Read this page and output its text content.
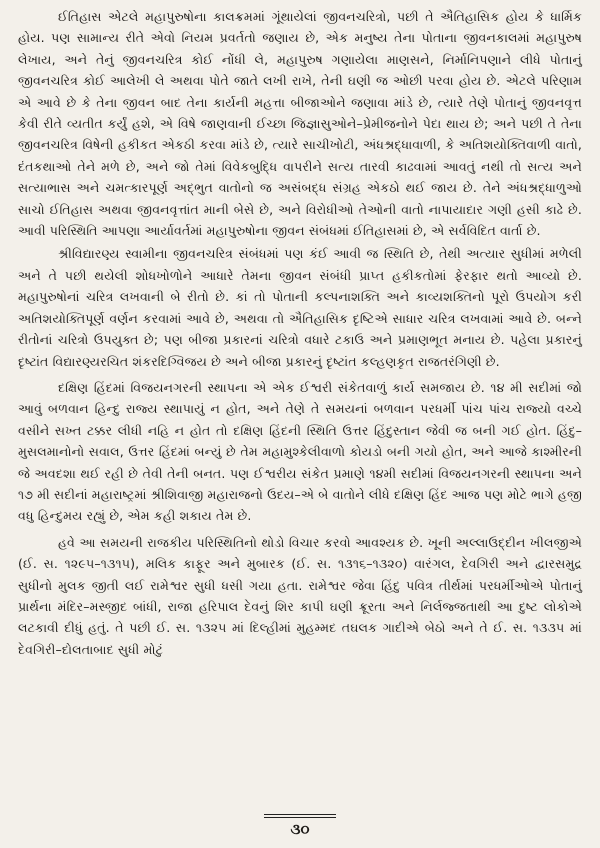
ઈતિહાસ એટલે મહાપુરુષોના કાલક્રમમાં ગૂંથાયેલાં જીવનચરિત્રો, પછી તે ઐતિહાસિક હોય કે ધાર્મિક હોય. પણ સામાન્ય રીતે એવો નિયમ પ્રવર્તતો જણાય છે, એક મનુષ્ય તેના પોતાના જીવનકાલમાં મહાપુરુષ લેખાય, અને તેનું જીવનચરિત્ર કોઈ નોંધી લે, મહાપુરુષ ગણાયેલા માણસને, નિર્માનિપણાને લીધે પોતાનું જીવનચરિત્ર કોઈ આલેખી લે અથવા પોતે જાતે લખી રાખે, તેની ઘણી જ ઓછી પરવા હોય છે. એટલે પરિણામ એ આવે છે કે તેના જીવન બાદ તેના કાર્યની મહત્તા બીજાઓને જણાવા માંડે છે, ત્યારે તેણે પોતાનું જીવનવૃત્ત કેવી રીતે વ્યતીત કર્યું હશે, એ વિષે જાણવાની ઈચ્છા જિજ્ઞાસુઓને–પ્રેમીજનોને પેદા થાય છે; અને પછી તે તેના જીવનચરિત્ર વિષેની હકીકત એકઠી કરવા માંડે છે, ત્યારે સાચીખોટી, અંધશ્રદ્ધાવાળી, કે અતિશયોક્તિવાળી વાતો, દંતકથાઓ તેને મળે છે, અને જો તેમાં વિવેકબુદ્ધિ વાપરીને સત્ય તારવી કાઢવામાં આવતું નથી તો સત્ય અને સત્યાભાસ અને ચમત્કારપૂર્ણ અદ્ભુત વાતોનો જ અસંબદ્ધ સંગ્રહ એકઠો થઈ જાય છે. તેને અંધશ્રદ્ધાળુઓ સાચો ઈતિહાસ અથવા જીવનવૃત્તાંત માની બેસે છે, અને વિરોધીઓ તેઓની વાતો નાપાયાદાર ગણી હસી કાઢે છે. આવી પરિસ્થિતિ આપણા આર્યાવર્તમાં મહાપુરુષોના જીવન સંબંધમાં ઈતિહાસમાં છે, એ સર્વવિદિત વાર્તા છે.

શ્રીવિદ્યારણ્ય સ્વામીના જીવનચરિત્ર સંબંધમાં પણ કંઈ આવી જ સ્થિતિ છે, તેથી અત્યાર સુધીમાં મળેલી અને તે પછી થયેલી શોધખોળોને આધારે તેમના જીવન સંબંધી પ્રાપ્ત હકીકતોમાં ફેરફાર થતો આવ્યો છે. મહાપુરુષોનાં ચરિત્ર લખવાની બે રીતો છે. કાં તો પોતાની કલ્પનાશક્તિ અને કાવ્યશક્તિનો પૂરો ઉપયોગ કરી અતિશયોક્તિપૂર્ણ વર્ણન કરવામાં આવે છે, અથવા તો ઐતિહાસિક દૃષ્ટિએ સાધાર ચરિત્ર લખવામાં આવે છે. બન્ને રીતોનાં ચરિત્રો ઉપયુક્ત છે; પણ બીજા પ્રકારનાં ચરિત્રો વધારે ટકાઉ અને પ્રમાણભૂત મનાય છે. પહેલા પ્રકારનું દૃષ્ટાંત વિદ્યારણ્યરચિત શંકરદિગ્વિજય છે અને બીજા પ્રકારનું દૃષ્ટાંત કલ્હણકૃત રાજતરંગિણી છે.

દક્ષિણ હિંદમાં વિજયનગરની સ્થાપના એ એક ઈશ્વરી સંકેતવાળું કાર્ય સમજાય છે. ૧૪ મી સદીમાં જો આવું બળવાન હિન્દુ રાજ્ય સ્થાપાયું ન હોત, અને તેણે તે સમયનાં બળવાન પરધર્મી પાંચ પાંચ રાજ્યો વચ્ચે વસીને સખ્ત ટક્કર લીધી નહિ ન હોત તો દક્ષિણ હિંદની સ્થિતિ ઉત્તર હિંદુસ્તાન જેવી જ બની ગઈ હોત. હિંદુ–મુસલમાનોનો સવાલ, ઉત્તર હિંદમાં બન્યું છે તેમ મહામુશ્કેલીવાળો કોયડો બની ગયો હોત, અને આજે કાશ્મીરની જે અવદશા થઈ રહી છે તેવી તેની બનત. પણ ઈશ્વરીય સંકેત પ્રમાણે ૧૪મી સદીમાં વિજયનગરની સ્થાપના અને ૧૭ મી સદીનાં મહારાષ્ટ્રમાં શ્રીશિવાજી મહારાજનો ઉદય–એ બે વાતોને લીધે દક્ષિણ હિંદ આજ પણ મોટે ભાગે હજી વધુ હિન્દુમય રહ્યું છે, એમ કહી શકાય તેમ છે.

હવે આ સમયની રાજકીય પરિસ્થિતિનો થોડો વિચાર કરવો આવશ્યક છે. ખૂની અલ્લાઉદ્દીન ખીલજીએ (ઈ. સ. ૧૨૯૫–૧૩૧૫), મલિક કાફૂર અને મુબારક (ઈ. સ. ૧૩૧૬–૧૩૨૦) વારંગલ, દેવગિરી અને દ્વારસમુદ્ર સુધીનો મુલક જીતી લઈ રામેશ્વર સુધી ધસી ગયા હતા. રામેશ્વર જેવા હિંદુ પવિત્ર તીર્થમાં પરધર્મીઓએ પોતાનું પ્રાર્થના મંદિર–મસ્જીદ બાંધી, રાજા હરિપાલ દેવનું શિર કાપી ઘણી ક્રૂરતા અને નિર્લજ્જતાથી આ દુષ્ટ લોકોએ લટકાવી દીધું હતું. તે પછી ઈ. સ. ૧૩૨૫ માં દિલ્હીમાં મુહમ્મદ તઘલક ગાદીએ બેઠો અને તે ઈ. સ. ૧૩૩૫ માં દેવગિરી–દોલતાબાદ સુધી મોટું

૩૦
